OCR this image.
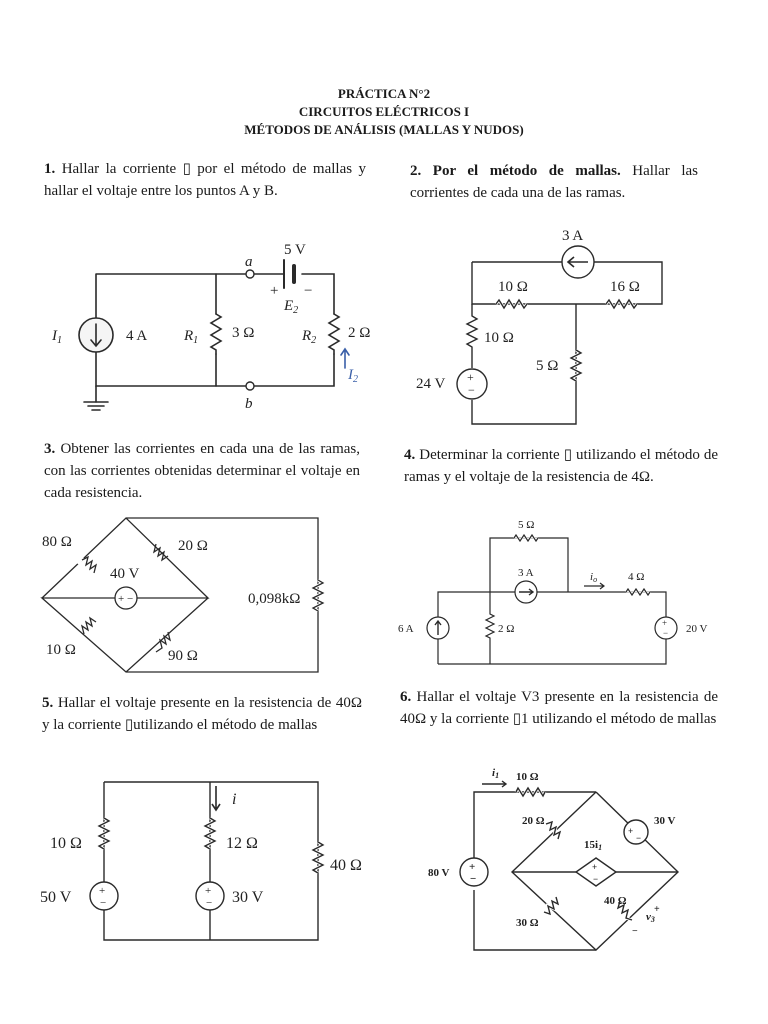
PRÁCTICA N°2
CIRCUITOS ELÉCTRICOS I
MÉTODOS DE ANÁLISIS (MALLAS Y NUDOS)
1. Hallar la corriente ▯ por el método de mallas y hallar el voltaje entre los puntos A y B.
5 V
a
b
+ −
$E_2$
$I_1$	4 A $R_1$ 3 Ω	$R_2$ 2 Ω
$I_2$
2. Por el método de mallas. Hallar las corrientes de cada una de las ramas.
+
−
3 A
10 Ω	16 Ω
10 Ω
5 Ω
24 V
3. Obtener las corrientes en cada una de las ramas, con las corrientes obtenidas determinar el voltaje en cada resistencia.
+ −
80 Ω	20 Ω
40 V
10 Ω	90 Ω
0,098kΩ
4. Determinar la corriente ▯ utilizando el método de ramas y el voltaje de la resistencia de 4Ω.
+
−
5 Ω
3 A	io	4 Ω
6 A	2 Ω	20 V
5. Hallar el voltaje presente en la resistencia de 40Ω y la corriente ▯utilizando el método de mallas
+
−
+
−
i
10 Ω	12 Ω
40 Ω
50 V	30 V
6. Hallar el voltaje V3 presente en la resistencia de 40Ω y la corriente ▯1 utilizando el método de mallas
+
−
+
−
+
−
i1 10 Ω
20 Ω	30 V
15i1
80 V
40 Ω
+
v3
−
30 Ω
